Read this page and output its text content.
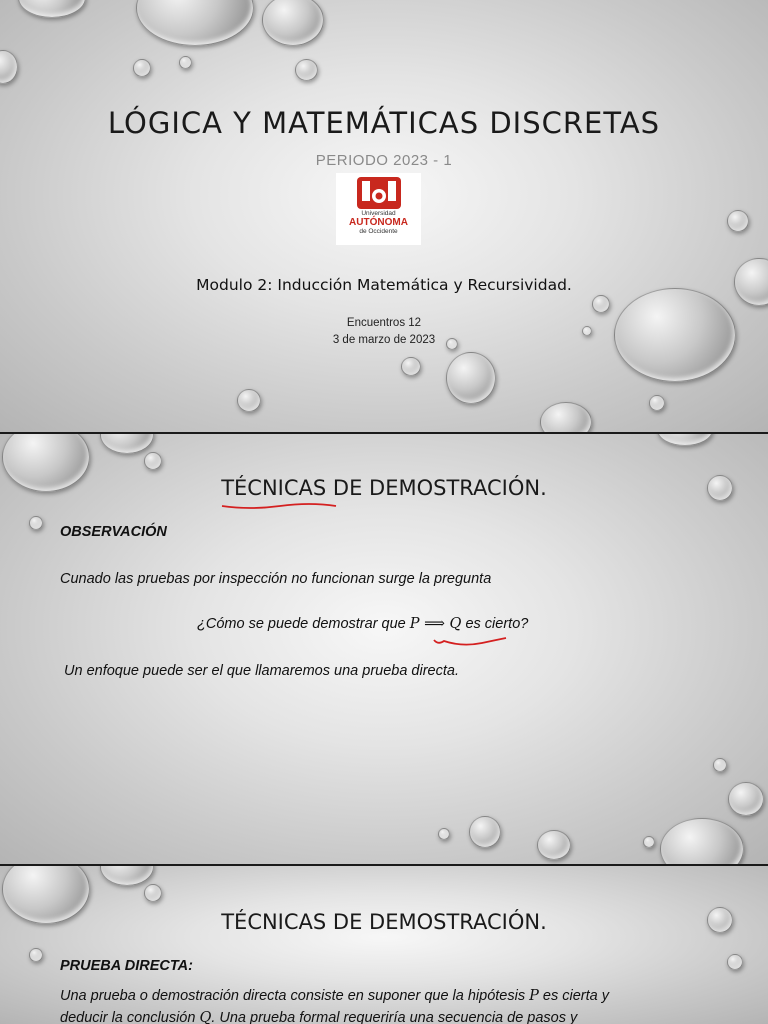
LÓGICA Y MATEMÁTICAS DISCRETAS
PERIODO 2023 - 1
Universidad
AUTÓNOMA
de Occidente
Modulo 2: Inducción Matemática y Recursividad.
Encuentros 12
3 de marzo de 2023
TÉCNICAS DE DEMOSTRACIÓN.
OBSERVACIÓN
Cunado las pruebas por inspección no funcionan surge la pregunta
¿Cómo se puede demostrar que P ⟹ Q es cierto?
Un enfoque puede ser el que llamaremos una prueba directa.
TÉCNICAS DE DEMOSTRACIÓN.
PRUEBA DIRECTA:
Una prueba o demostración directa consiste en suponer que la hipótesis P es cierta y
deducir la conclusión Q. Una prueba formal requeriría una secuencia de pasos y
